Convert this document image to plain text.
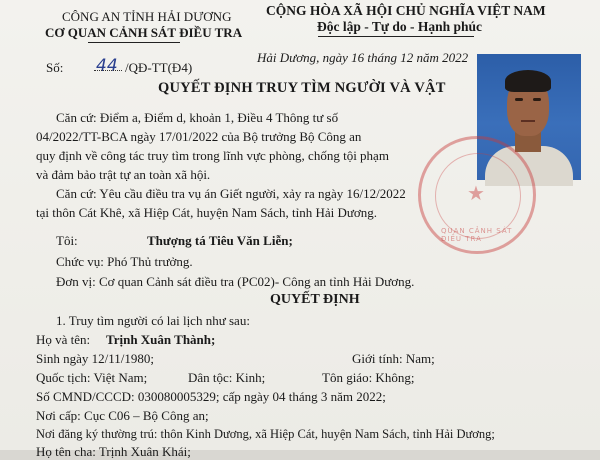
CÔNG AN TỈNH HẢI DƯƠNG
CƠ QUAN CẢNH SÁT ĐIỀU TRA
CỘNG HÒA XÃ HỘI CHỦ NGHĨA VIỆT NAM
Độc lập - Tự do - Hạnh phúc
Số: 44 /QĐ-TT(Đ4)
Hải Dương, ngày 16 tháng 12 năm 2022
QUYẾT ĐỊNH TRUY TÌM NGƯỜI VÀ VẬT
★
QUAN CẢNH SÁT ĐIỀU TRA
Căn cứ: Điểm a, Điểm d, khoản 1, Điều 4 Thông tư số
04/2022/TT-BCA ngày 17/01/2022 của Bộ trưởng Bộ Công an
quy định về công tác truy tìm trong lĩnh vực phòng, chống tội phạm
và đảm bảo trật tự an toàn xã hội.
Căn cứ: Yêu cầu điều tra vụ án Giết người, xảy ra ngày 16/12/2022
tại thôn Cát Khê, xã Hiệp Cát, huyện Nam Sách, tỉnh Hải Dương.
Tôi:	Thượng tá Tiêu Văn Liễn;
Chức vụ: Phó Thủ trưởng.
Đơn vị: Cơ quan Cảnh sát điều tra (PC02)- Công an tỉnh Hải Dương.
QUYẾT ĐỊNH
1. Truy tìm người có lai lịch như sau:
Họ và tên: Trịnh Xuân Thành;
Sinh ngày 12/11/1980;	Giới tính: Nam;
Quốc tịch: Việt Nam;	Dân tộc: Kinh;	Tôn giáo: Không;
Số CMND/CCCD: 030080005329; cấp ngày 04 tháng 3 năm 2022;
Nơi cấp: Cục C06 – Bộ Công an;
Nơi đăng ký thường trú: thôn Kinh Dương, xã Hiệp Cát, huyện Nam Sách, tỉnh Hải Dương;
Họ tên cha: Trịnh Xuân Khái;
